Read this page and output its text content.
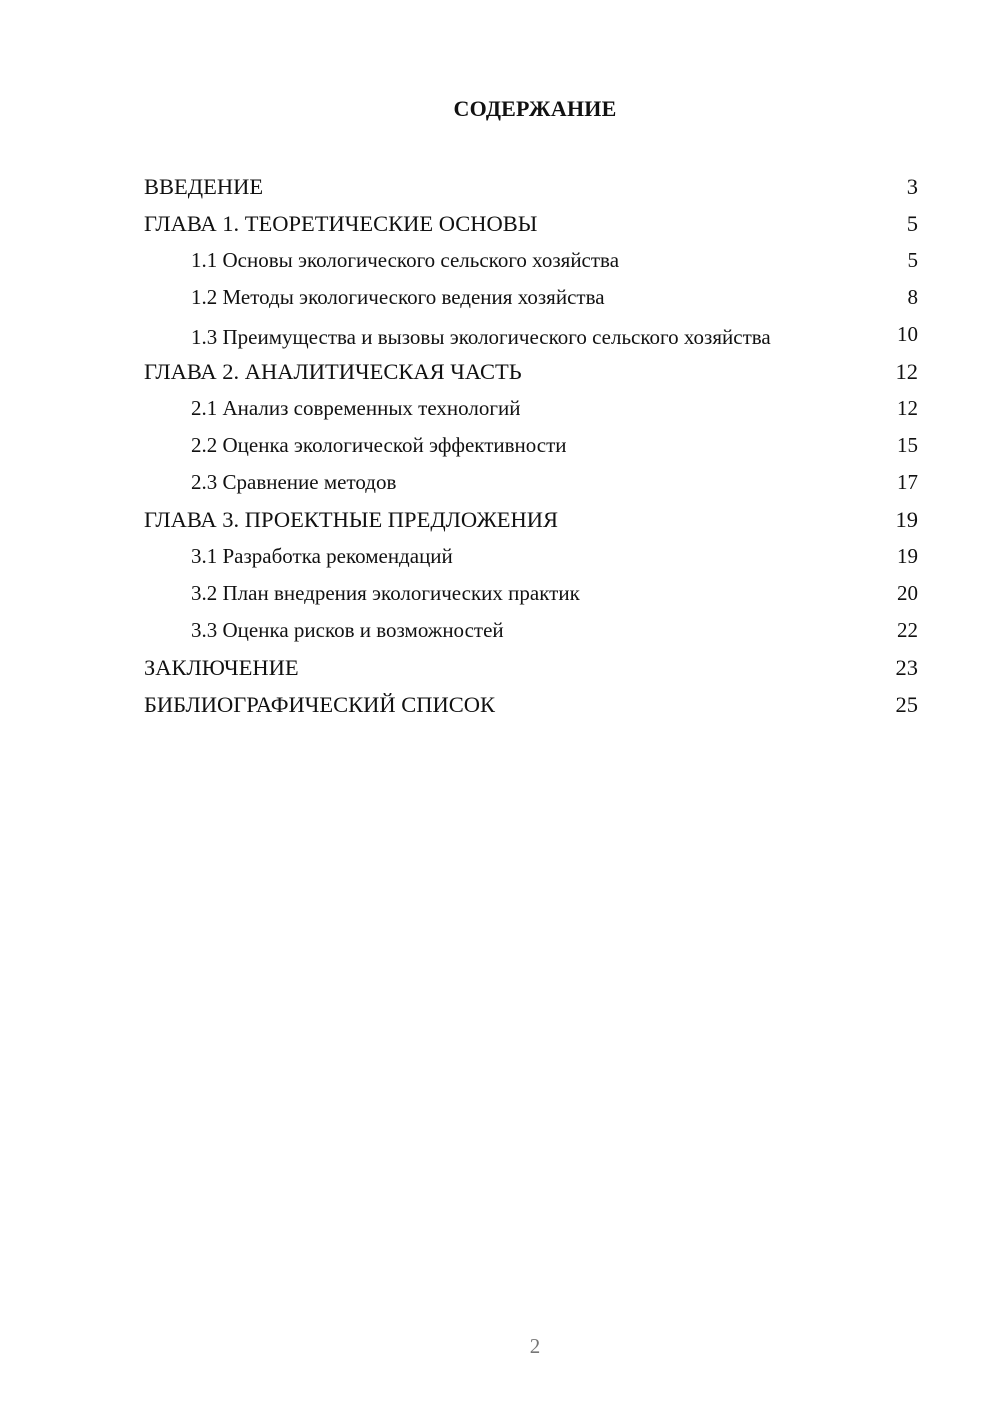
СОДЕРЖАНИЕ
ВВЕДЕНИЕ	3
ГЛАВА 1. ТЕОРЕТИЧЕСКИЕ ОСНОВЫ	5
1.1 Основы экологического сельского хозяйства	5
1.2 Методы экологического ведения хозяйства	8
1.3 Преимущества и вызовы экологического сельского хозяйства	10
ГЛАВА 2. АНАЛИТИЧЕСКАЯ ЧАСТЬ	12
2.1 Анализ современных технологий	12
2.2 Оценка экологической эффективности	15
2.3 Сравнение методов	17
ГЛАВА 3. ПРОЕКТНЫЕ ПРЕДЛОЖЕНИЯ	19
3.1 Разработка рекомендаций	19
3.2 План внедрения экологических практик	20
3.3 Оценка рисков и возможностей	22
ЗАКЛЮЧЕНИЕ	23
БИБЛИОГРАФИЧЕСКИЙ СПИСОК	25
2
